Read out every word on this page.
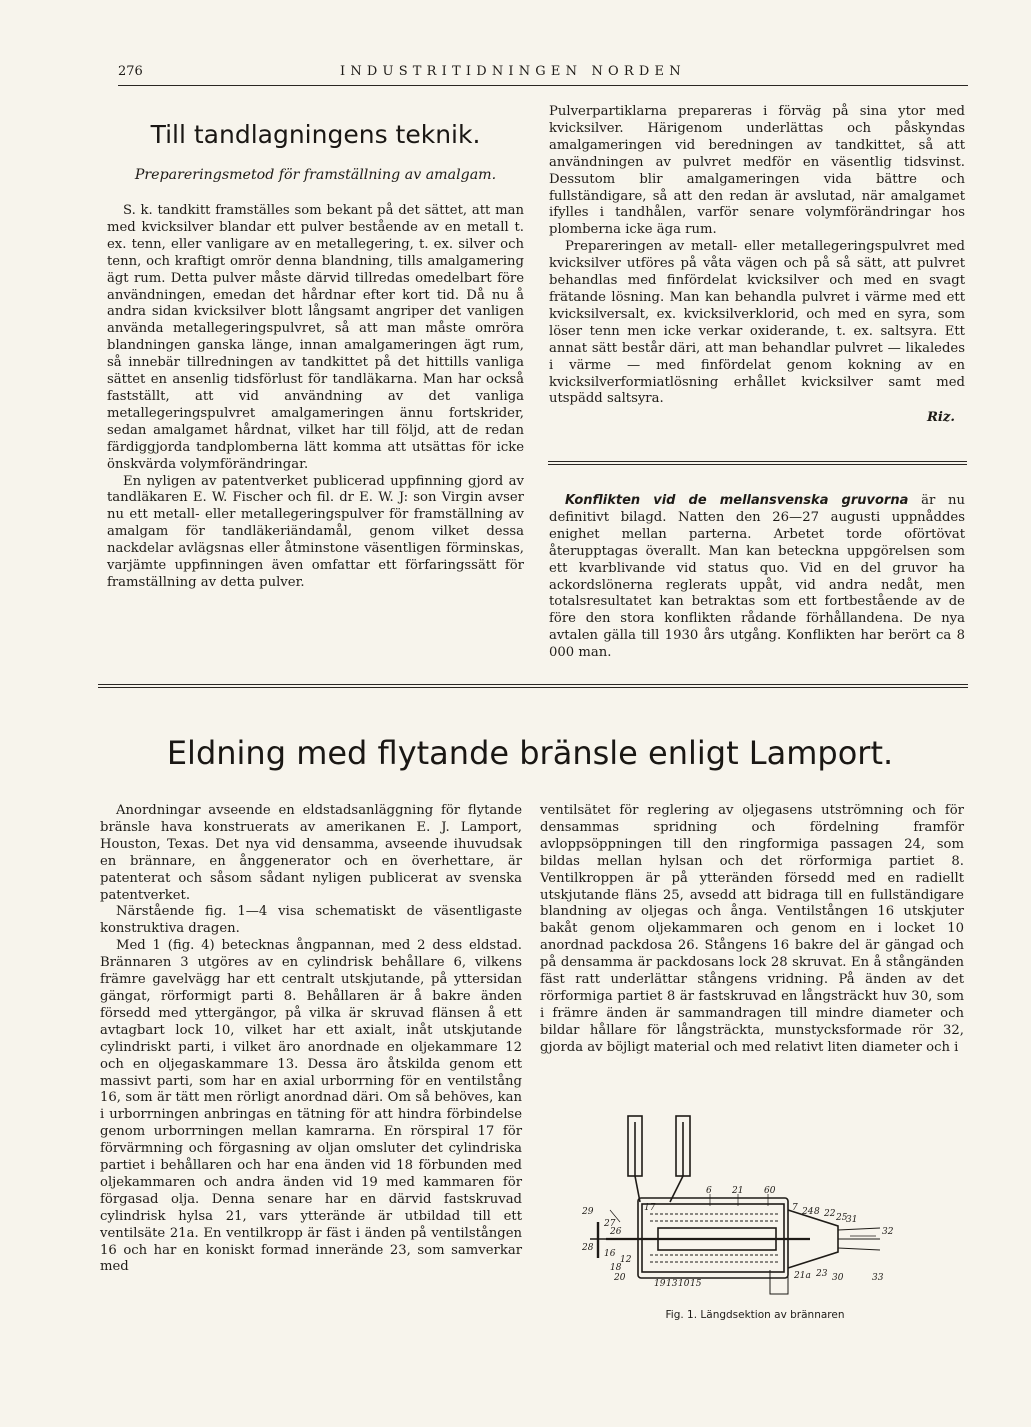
276	INDUSTRITIDNINGEN NORDEN
Till tandlagningens teknik.

Prepareringsmetod för framställning av amalgam.

S. k. tandkitt framställes som bekant på det sättet, att man med kvicksilver blandar ett pulver bestående av en metall t. ex. tenn, eller vanligare av en metallegering, t. ex. silver och tenn, och kraftigt omrör denna blandning, tills amalgamering ägt rum. Detta pulver måste därvid tillredas omedelbart före användningen, emedan det hårdnar efter kort tid. Då nu å andra sidan kvicksilver blott långsamt angriper det vanligen använda metallegeringspulvret, så att man måste omröra blandningen ganska länge, innan amalgameringen ägt rum, så innebär tillredningen av tandkittet på det hittills vanliga sättet en ansenlig tidsförlust för tandläkarna. Man har också fastställt, att vid användning av det vanliga metallegeringspulvret amalgameringen ännu fortskrider, sedan amalgamet hårdnat, vilket har till följd, att de redan färdiggjorda tandplomberna lätt komma att utsättas för icke önskvärda volymförändringar.

En nyligen av patentverket publicerad uppfinning gjord av tandläkaren E. W. Fischer och fil. dr E. W. J: son Virgin avser nu ett metall- eller metallegeringspulver för framställning av amalgam för tandläkeriändamål, genom vilket dessa nackdelar avlägsnas eller åtminstone väsentligen förminskas, varjämte uppfinningen även omfattar ett förfaringssätt för framställning av detta pulver.

Pulverpartiklarna prepareras i förväg på sina ytor med kvicksilver. Härigenom underlättas och påskyndas amalgameringen vid beredningen av tandkittet, så att användningen av pulvret medför en väsentlig tidsvinst. Dessutom blir amalgameringen vida bättre och fullständigare, så att den redan är avslutad, när amalgamet ifylles i tandhålen, varför senare volymförändringar hos plomberna icke äga rum.

Prepareringen av metall- eller metallegeringspulvret med kvicksilver utföres på våta vägen och på så sätt, att pulvret behandlas med finfördelat kvicksilver och med en svagt frätande lösning. Man kan behandla pulvret i värme med ett kvicksilversalt, ex. kvicksilverklorid, och med en syra, som löser tenn men icke verkar oxiderande, t. ex. saltsyra. Ett annat sätt består däri, att man behandlar pulvret — likaledes i värme — med finfördelat genom kokning av en kvicksilverformiatlösning erhållet kvicksilver samt med utspädd saltsyra.

Riz.

Konflikten vid de mellansvenska gruvorna är nu definitivt bilagd. Natten den 26—27 augusti uppnåddes enighet mellan parterna. Arbetet torde oförtövat återupptagas överallt. Man kan beteckna uppgörelsen som ett kvarblivande vid status quo. Vid en del gruvor ha ackordslönerna reglerats uppåt, vid andra nedåt, men totalsresultatet kan betraktas som ett fortbestående av de före den stora konflikten rådande förhållandena. De nya avtalen gälla till 1930 års utgång. Konflikten har berört ca 8 000 man.

Eldning med flytande bränsle enligt Lamport.

Anordningar avseende en eldstadsanläggning för flytande bränsle hava konstruerats av amerikanen E. J. Lamport, Houston, Texas. Det nya vid densamma, avseende ihuvudsak en brännare, en ånggenerator och en överhettare, är patenterat och såsom sådant nyligen publicerat av svenska patentverket.

Närstående fig. 1—4 visa schematiskt de väsentligaste konstruktiva dragen.

Med 1 (fig. 4) betecknas ångpannan, med 2 dess eldstad. Brännaren 3 utgöres av en cylindrisk behållare 6, vilkens främre gavelvägg har ett centralt utskjutande, på yttersidan gängat, rörformigt parti 8. Behållaren är å bakre änden försedd med yttergängor, på vilka är skruvad flänsen å ett avtagbart lock 10, vilket har ett axialt, inåt utskjutande cylindriskt parti, i vilket äro anordnade en oljekammare 12 och en oljegaskammare 13. Dessa äro åtskilda genom ett massivt parti, som har en axial urborrning för en ventilstång 16, som är tätt men rörligt anordnad däri. Om så behöves, kan i urborrningen anbringas en tätning för att hindra förbindelse genom urborrningen mellan kamrarna. En rörspiral 17 för förvärmning och förgasning av oljan omsluter det cylindriska partiet i behållaren och har ena änden vid 18 förbunden med oljekammaren och andra änden vid 19 med kammaren för förgasad olja. Denna senare har en därvid fastskruvad cylindrisk hylsa 21, vars ytterände är utbildad till ett ventilsäte 21a. En ventilkropp är fäst i änden på ventilstången 16 och har en koniskt formad innerände 23, som samverkar med

ventilsätet för reglering av oljegasens utströmning och för densammas spridning och fördelning framför avloppsöppningen till den ringformiga passagen 24, som bildas mellan hylsan och det rörformiga partiet 8. Ventilkroppen är på ytteränden försedd med en radiellt utskjutande fläns 25, avsedd att bidraga till en fullständigare blandning av oljegas och ånga. Ventilstången 16 utskjuter bakåt genom oljekammaren och genom en i locket 10 anordnad packdosa 26. Stångens 16 bakre del är gängad och på densamma är packdosans lock 28 skruvat. En å stångänden fäst ratt underlättar stångens vridning. På änden av det rörformiga partiet 8 är fastskruvad en långsträckt huv 30, som i främre änden är sammandragen till mindre diameter och bildar hållare för långsträckta, munstycksformade rör 32, gjorda av böjligt material och med relativt liten diameter och i

6 21 60
7 24 8 22 25
31
32
29
27
26
17
28
16
12
18
20
19 13 10 15
21a 23 30	33
Fig. 1. Längdsektion av brännaren
